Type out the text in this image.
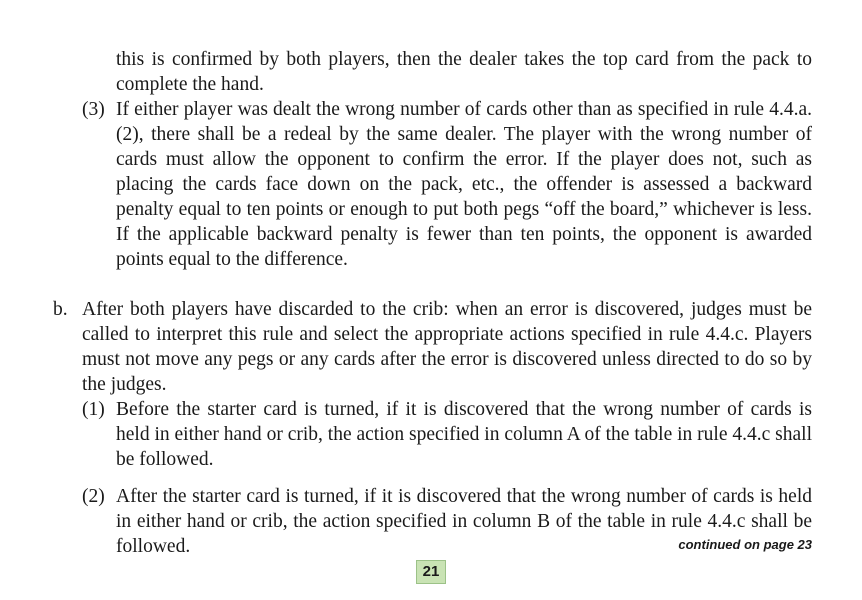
this is confirmed by both players, then the dealer takes the top card from the pack to complete the hand.
(3) If either player was dealt the wrong number of cards other than as specified in rule 4.4.a.(2), there shall be a redeal by the same dealer. The player with the wrong number of cards must allow the opponent to confirm the error. If the player does not, such as placing the cards face down on the pack, etc., the offender is assessed a backward penalty equal to ten points or enough to put both pegs “off the board,” whichever is less. If the applicable backward penalty is fewer than ten points, the opponent is awarded points equal to the difference.
b. After both players have discarded to the crib: when an error is discovered, judges must be called to interpret this rule and select the appropriate actions specified in rule 4.4.c. Players must not move any pegs or any cards after the error is discovered unless directed to do so by the judges.
(1) Before the starter card is turned, if it is discovered that the wrong number of cards is held in either hand or crib, the action specified in column A of the table in rule 4.4.c shall be followed.
(2) After the starter card is turned, if it is discovered that the wrong number of cards is held in either hand or crib, the action specified in column B of the table in rule 4.4.c shall be followed.	continued on page 23
21
